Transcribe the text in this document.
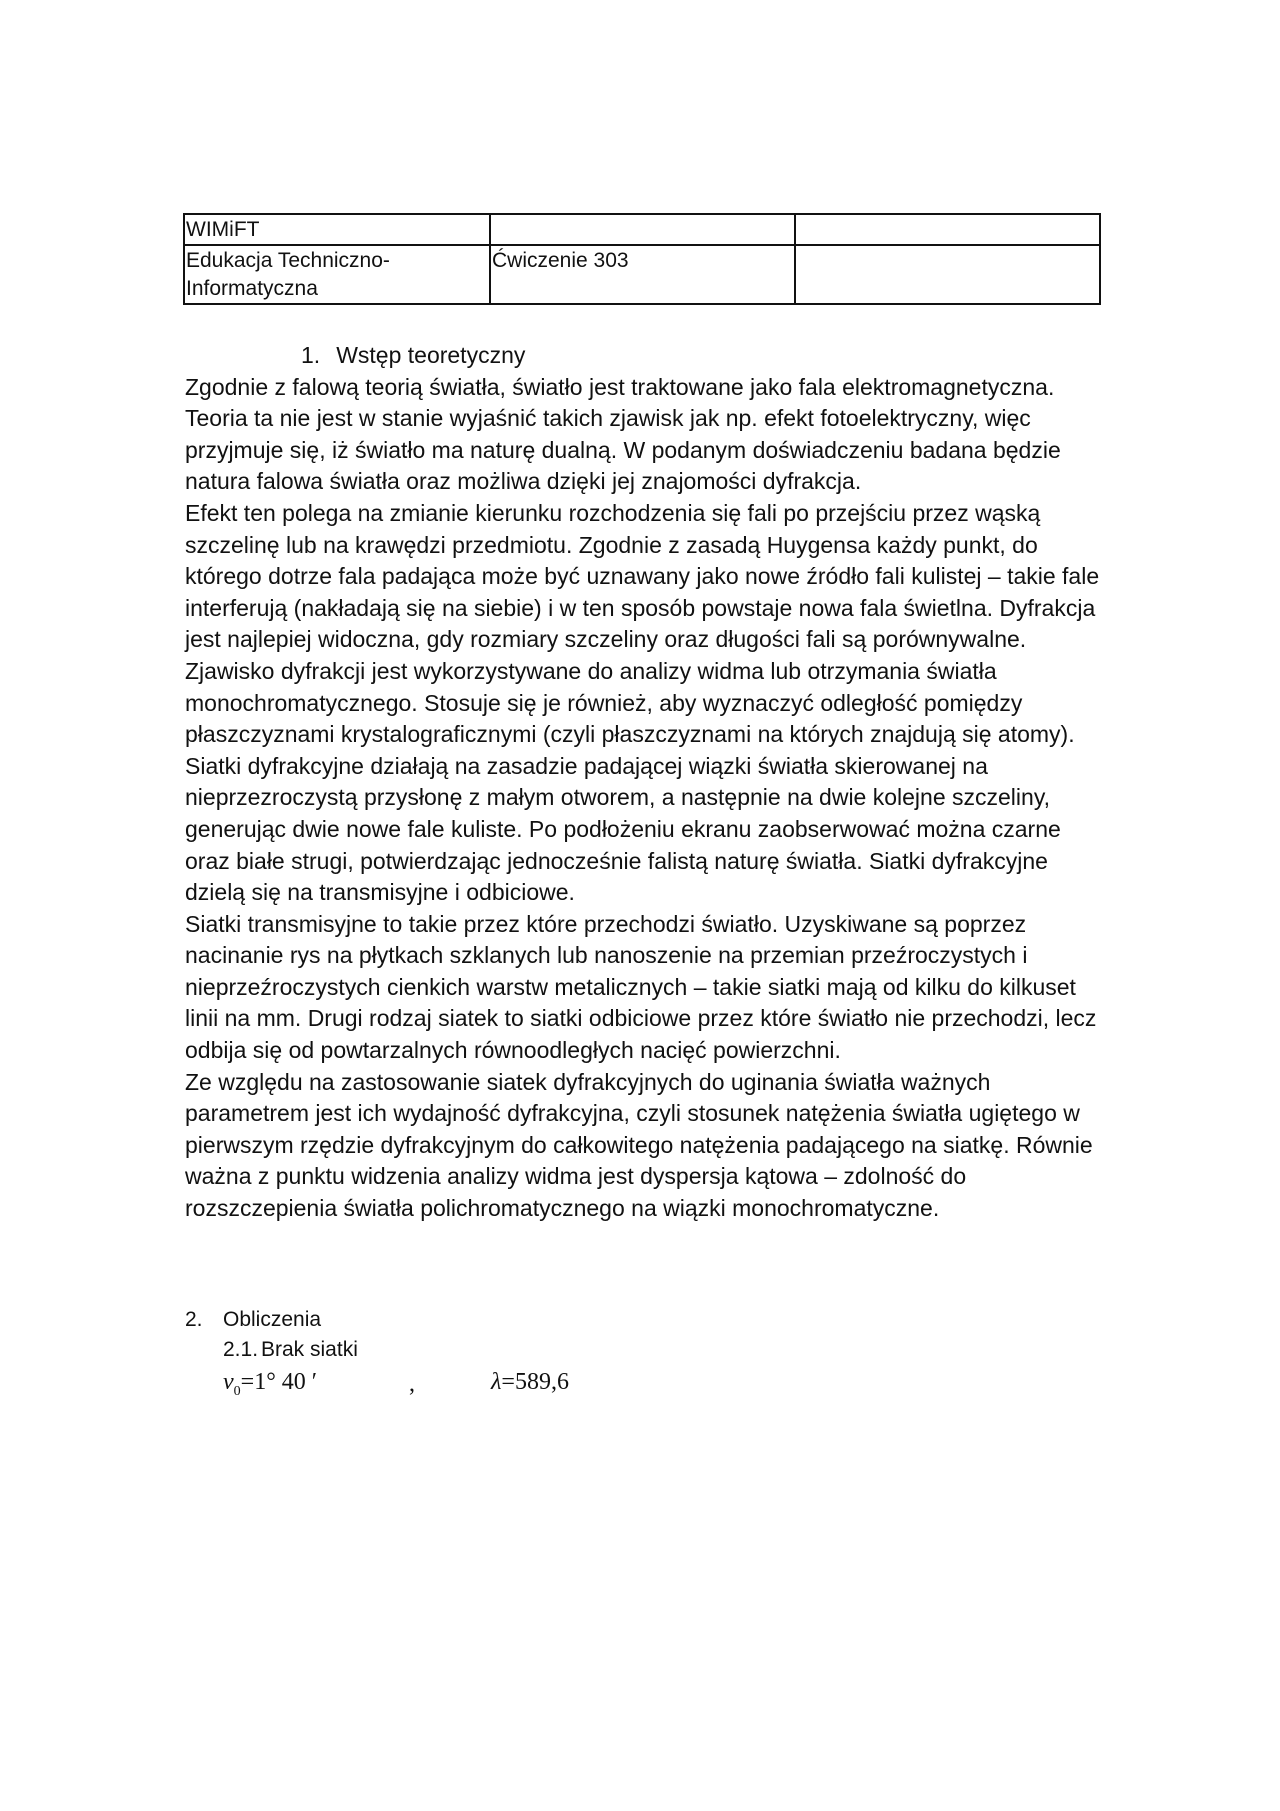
WIMiFT		
Edukacja Techniczno-
Informatyczna	Ćwiczenie 303	
1. Wstęp teoretyczny

Zgodnie z falową teorią światła, światło jest traktowane jako fala elektromagnetyczna. Teoria ta nie jest w stanie wyjaśnić takich zjawisk jak np. efekt fotoelektryczny, więc przyjmuje się, iż światło ma naturę dualną. W podanym doświadczeniu badana będzie natura falowa światła oraz możliwa dzięki jej znajomości dyfrakcja.

Efekt ten polega na zmianie kierunku rozchodzenia się fali po przejściu przez wąską szczelinę lub na krawędzi przedmiotu. Zgodnie z zasadą Huygensa każdy punkt, do którego dotrze fala padająca może być uznawany jako nowe źródło fali kulistej – takie fale interferują (nakładają się na siebie) i w ten sposób powstaje nowa fala świetlna. Dyfrakcja jest najlepiej widoczna, gdy rozmiary szczeliny oraz długości fali są porównywalne. Zjawisko dyfrakcji jest wykorzystywane do analizy widma lub otrzymania światła monochromatycznego. Stosuje się je również, aby wyznaczyć odległość pomiędzy płaszczyznami krystalograficznymi (czyli płaszczyznami na których znajdują się atomy).

Siatki dyfrakcyjne działają na zasadzie padającej wiązki światła skierowanej na nieprzezroczystą przysłonę z małym otworem, a następnie na dwie kolejne szczeliny, generując dwie nowe fale kuliste. Po podłożeniu ekranu zaobserwować można czarne oraz białe strugi, potwierdzając jednocześnie falistą naturę światła. Siatki dyfrakcyjne dzielą się na transmisyjne i odbiciowe.

Siatki transmisyjne to takie przez które przechodzi światło. Uzyskiwane są poprzez nacinanie rys na płytkach szklanych lub nanoszenie na przemian przeźroczystych i nieprzeźroczystych cienkich warstw metalicznych – takie siatki mają od kilku do kilkuset linii na mm. Drugi rodzaj siatek to siatki odbiciowe przez które światło nie przechodzi, lecz odbija się od powtarzalnych równoodległych nacięć powierzchni.

Ze względu na zastosowanie siatek dyfrakcyjnych do uginania światła ważnych parametrem jest ich wydajność dyfrakcyjna, czyli stosunek natężenia światła ugiętego w pierwszym rzędzie dyfrakcyjnym do całkowitego natężenia padającego na siatkę. Równie ważna z punktu widzenia analizy widma jest dyspersja kątowa – zdolność do rozszczepienia światła polichromatycznego na wiązki monochromatyczne.

2. Obliczenia
2.1. Brak siatki
$v_0=1^\circ$ 40 ′	,	λ=589,6
